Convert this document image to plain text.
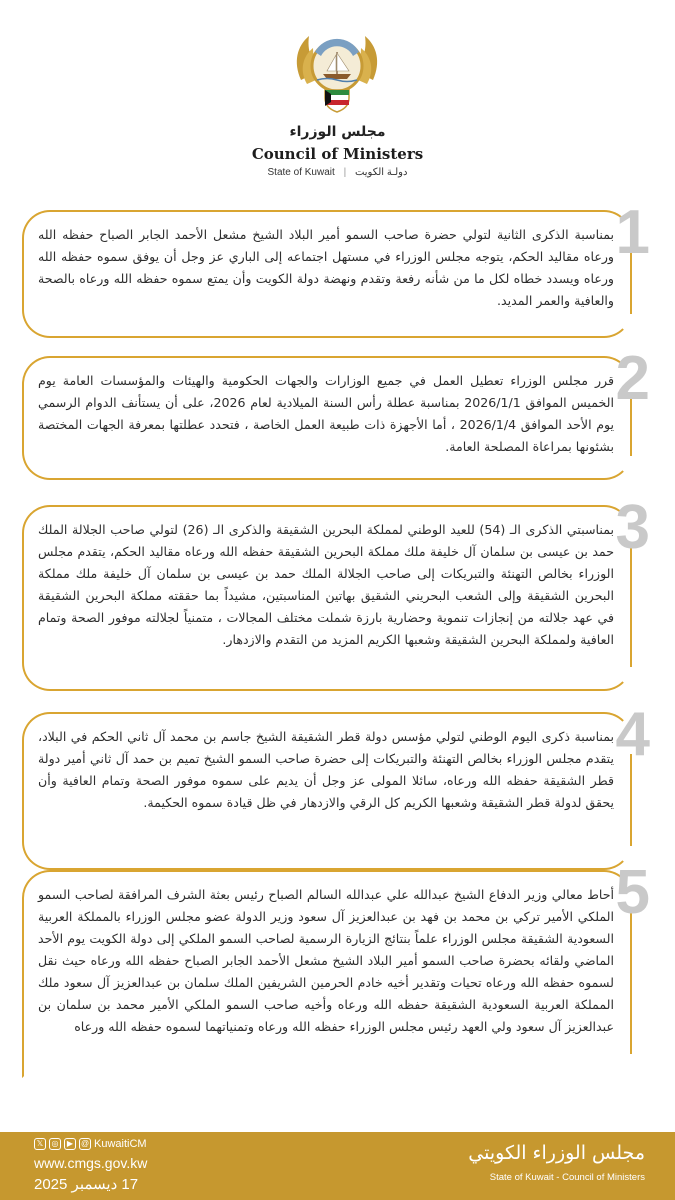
مجلس الوزراء
Council of Ministers
State of Kuwait | دولـة الكويت
بمناسبة الذكرى الثانية لتولي حضرة صاحب السمو أمير البلاد الشيخ مشعل الأحمد الجابر الصباح حفظه الله ورعاه مقاليد الحكم، يتوجه مجلس الوزراء في مستهل اجتماعه إلى الباري عز وجل أن يوفق سموه حفظه الله ورعاه ويسدد خطاه لكل ما من شأنه رفعة وتقدم ونهضة دولة الكويت وأن يمتع سموه حفظه الله ورعاه بالصحة والعافية والعمر المديد.
1
قرر مجلس الوزراء تعطيل العمل في جميع الوزارات والجهات الحكومية والهيئات والمؤسسات العامة يوم الخميس الموافق 2026/1/1 بمناسبة عطلة رأس السنة الميلادية لعام 2026، على أن يستأنف الدوام الرسمي يوم الأحد الموافق 2026/1/4 ، أما الأجهزة ذات طبيعة العمل الخاصة ، فتحدد عطلتها بمعرفة الجهات المختصة بشئونها بمراعاة المصلحة العامة.
2
بمناسبتي الذكرى الـ (54) للعيد الوطني لمملكة البحرين الشقيقة والذكرى الـ (26) لتولي صاحب الجلالة الملك حمد بن عيسى بن سلمان آل خليفة ملك مملكة البحرين الشقيقة حفظه الله ورعاه مقاليد الحكم، يتقدم مجلس الوزراء بخالص التهنئة والتبريكات إلى صاحب الجلالة الملك حمد بن عيسى بن سلمان آل خليفة ملك مملكة البحرين الشقيقة وإلى الشعب البحريني الشقيق بهاتين المناسبتين، مشيداً بما حققته مملكة البحرين الشقيقة في عهد جلالته من إنجازات تنموية وحضارية بارزة شملت مختلف المجالات ، متمنياً لجلالته موفور الصحة وتمام العافية ولمملكة البحرين الشقيقة وشعبها الكريم المزيد من التقدم والازدهار.
3
بمناسبة ذكرى اليوم الوطني لتولي مؤسس دولة قطر الشقيقة الشيخ جاسم بن محمد آل ثاني الحكم في البلاد، يتقدم مجلس الوزراء بخالص التهنئة والتبريكات إلى حضرة صاحب السمو الشيخ تميم بن حمد آل ثاني أمير دولة قطر الشقيقة حفظه الله ورعاه، سائلا المولى عز وجل أن يديم على سموه موفور الصحة وتمام العافية وأن يحقق لدولة قطر الشقيقة وشعبها الكريم كل الرقي والازدهار في ظل قيادة سموه الحكيمة.
4
أحاط معالي وزير الدفاع الشيخ عبدالله علي عبدالله السالم الصباح رئيس بعثة الشرف المرافقة لصاحب السمو الملكي الأمير تركي بن محمد بن فهد بن عبدالعزيز آل سعود وزير الدولة عضو مجلس الوزراء بالمملكة العربية السعودية الشقيقة مجلس الوزراء علماً بنتائج الزيارة الرسمية لصاحب السمو الملكي إلى دولة الكويت يوم الأحد الماضي ولقائه بحضرة صاحب السمو أمير البلاد الشيخ مشعل الأحمد الجابر الصباح حفظه الله ورعاه حيث نقل لسموه حفظه الله ورعاه تحيات وتقدير أخيه خادم الحرمين الشريفين الملك سلمان بن عبدالعزيز آل سعود ملك المملكة العربية السعودية الشقيقة حفظه الله ورعاه وأخيه صاحب السمو الملكي الأمير محمد بن سلمان بن عبدالعزيز آل سعود ولي العهد رئيس مجلس الوزراء حفظه الله ورعاه وتمنياتهما لسموه حفظه الله ورعاه
5
𝕏	◎	▶ @ KuwaitiCM
www.cmgs.gov.kw
17 ديسمبر 2025
مجلس الوزراء الكويتي
State of Kuwait - Council of Ministers
